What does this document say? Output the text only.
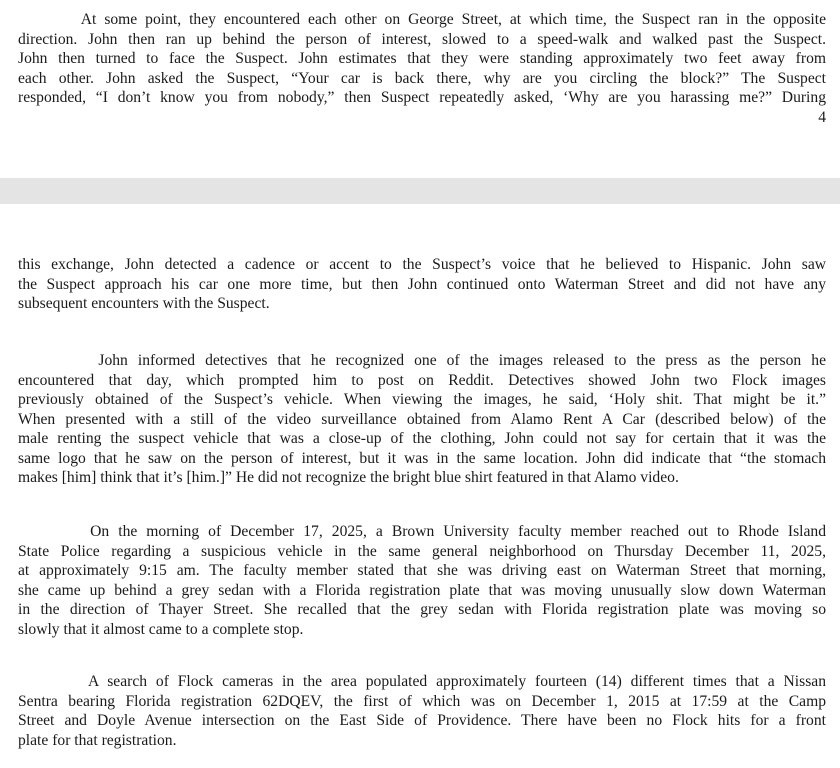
At some point, they encountered each other on George Street, at which time, the Suspect ran in the opposite
direction. John then ran up behind the person of interest, slowed to a speed-walk and walked past the Suspect.
John then turned to face the Suspect. John estimates that they were standing approximately two feet away from
each other. John asked the Suspect, “Your car is back there, why are you circling the block?” The Suspect
responded, “I don’t know you from nobody,” then Suspect repeatedly asked, ‘Why are you harassing me?” During

4

this exchange, John detected a cadence or accent to the Suspect’s voice that he believed to Hispanic. John saw
the Suspect approach his car one more time, but then John continued onto Waterman Street and did not have any
subsequent encounters with the Suspect.

John informed detectives that he recognized one of the images released to the press as the person he
encountered that day, which prompted him to post on Reddit. Detectives showed John two Flock images
previously obtained of the Suspect’s vehicle. When viewing the images, he said, ‘Holy shit. That might be it.”
When presented with a still of the video surveillance obtained from Alamo Rent A Car (described below) of the
male renting the suspect vehicle that was a close-up of the clothing, John could not say for certain that it was the
same logo that he saw on the person of interest, but it was in the same location. John did indicate that “the stomach
makes [him] think that it’s [him.]” He did not recognize the bright blue shirt featured in that Alamo video.

On the morning of December 17, 2025, a Brown University faculty member reached out to Rhode Island
State Police regarding a suspicious vehicle in the same general neighborhood on Thursday December 11, 2025,
at approximately 9:15 am. The faculty member stated that she was driving east on Waterman Street that morning,
she came up behind a grey sedan with a Florida registration plate that was moving unusually slow down Waterman
in the direction of Thayer Street. She recalled that the grey sedan with Florida registration plate was moving so
slowly that it almost came to a complete stop.

A search of Flock cameras in the area populated approximately fourteen (14) different times that a Nissan
Sentra bearing Florida registration 62DQEV, the first of which was on December 1, 2015 at 17:59 at the Camp
Street and Doyle Avenue intersection on the East Side of Providence. There have been no Flock hits for a front
plate for that registration.
